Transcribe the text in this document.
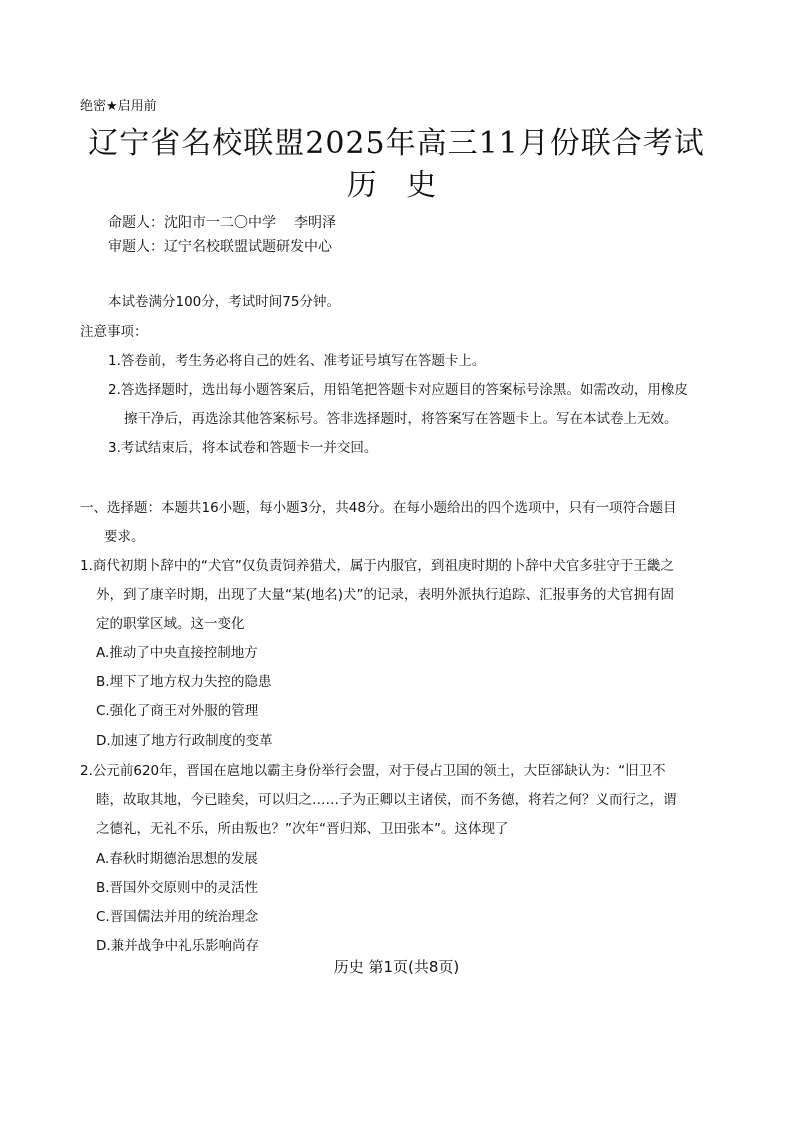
绝密★启用前
辽宁省名校联盟2025年高三11月份联合考试
历 史
命题人：沈阳市一二〇中学 李明泽
审题人：辽宁名校联盟试题研发中心
本试卷满分100分，考试时间75分钟。
注意事项：
1.答卷前，考生务必将自己的姓名、准考证号填写在答题卡上。
2.答选择题时，选出每小题答案后，用铅笔把答题卡对应题目的答案标号涂黑。如需改动，用橡皮
擦干净后，再选涂其他答案标号。答非选择题时，将答案写在答题卡上。写在本试卷上无效。
3.考试结束后，将本试卷和答题卡一并交回。
一、选择题：本题共16小题，每小题3分，共48分。在每小题给出的四个选项中，只有一项符合题目
要求。
1.商代初期卜辞中的“犬官”仅负责饲养猎犬，属于内服官，到祖庚时期的卜辞中犬官多驻守于王畿之
外，到了康辛时期，出现了大量“某(地名)犬”的记录，表明外派执行追踪、汇报事务的犬官拥有固
定的职掌区域。这一变化
A.推动了中央直接控制地方
B.埋下了地方权力失控的隐患
C.强化了商王对外服的管理
D.加速了地方行政制度的变革
2.公元前620年，晋国在扈地以霸主身份举行会盟，对于侵占卫国的领土，大臣郤缺认为：“旧卫不
睦，故取其地，今已睦矣，可以归之……子为正卿以主诸侯，而不务德，将若之何？义而行之，谓
之德礼，无礼不乐，所由叛也？”次年“晋归郑、卫田张本”。这体现了
A.春秋时期德治思想的发展
B.晋国外交原则中的灵活性
C.晋国儒法并用的统治理念
D.兼并战争中礼乐影响尚存
历史 第1页(共8页)
